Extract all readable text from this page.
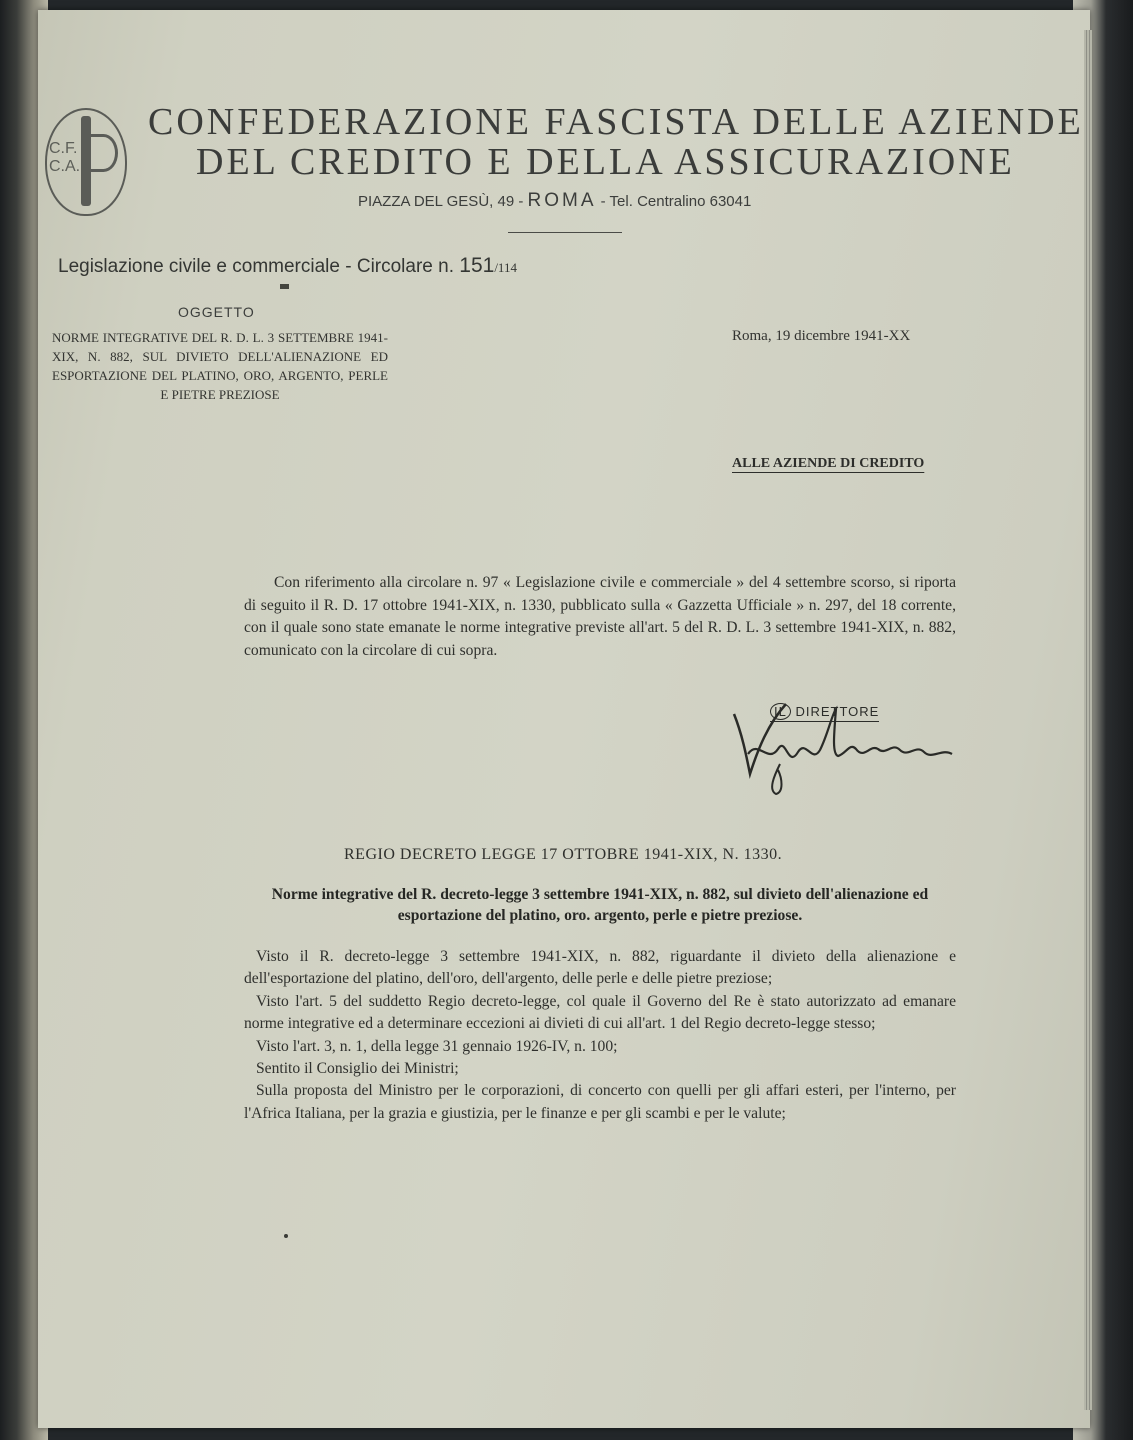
C.F.
C.A.
CONFEDERAZIONE FASCISTA DELLE AZIENDE
DEL CREDITO E DELLA ASSICURAZIONE
PIAZZA DEL GESÙ, 49 - ROMA - Tel. Centralino 63041
Legislazione civile e commerciale - Circolare n. 151/114
OGGETTO
NORME INTEGRATIVE DEL R. D. L. 3 SETTEMBRE 1941-XIX, N. 882, SUL DIVIETO DELL'ALIENAZIONE ED ESPORTAZIONE DEL PLATINO, ORO, ARGENTO, PERLE E PIETRE PREZIOSE
Roma, 19 dicembre 1941-XX
ALLE AZIENDE DI CREDITO
Con riferimento alla circolare n. 97 « Legislazione civile e commerciale » del 4 settembre scorso, si riporta di seguito il R. D. 17 ottobre 1941-XIX, n. 1330, pubblicato sulla « Gazzetta Ufficiale » n. 297, del 18 corrente, con il quale sono state emanate le norme integrative previste all'art. 5 del R. D. L. 3 settembre 1941-XIX, n. 882, comunicato con la circolare di cui sopra.
IL DIRETTORE
REGIO DECRETO LEGGE 17 OTTOBRE 1941-XIX, N. 1330.
Norme integrative del R. decreto-legge 3 settembre 1941-XIX, n. 882, sul divieto dell'alienazione ed esportazione del platino, oro. argento, perle e pietre preziose.

Visto il R. decreto-legge 3 settembre 1941-XIX, n. 882, riguardante il divieto della alienazione e dell'esportazione del platino, dell'oro, dell'argento, delle perle e delle pietre preziose;

Visto l'art. 5 del suddetto Regio decreto-legge, col quale il Governo del Re è stato autorizzato ad emanare norme integrative ed a determinare eccezioni ai divieti di cui all'art. 1 del Regio decreto-legge stesso;

Visto l'art. 3, n. 1, della legge 31 gennaio 1926-IV, n. 100;

Sentito il Consiglio dei Ministri;

Sulla proposta del Ministro per le corporazioni, di concerto con quelli per gli affari esteri, per l'interno, per l'Africa Italiana, per la grazia e giustizia, per le finanze e per gli scambi e per le valute;
